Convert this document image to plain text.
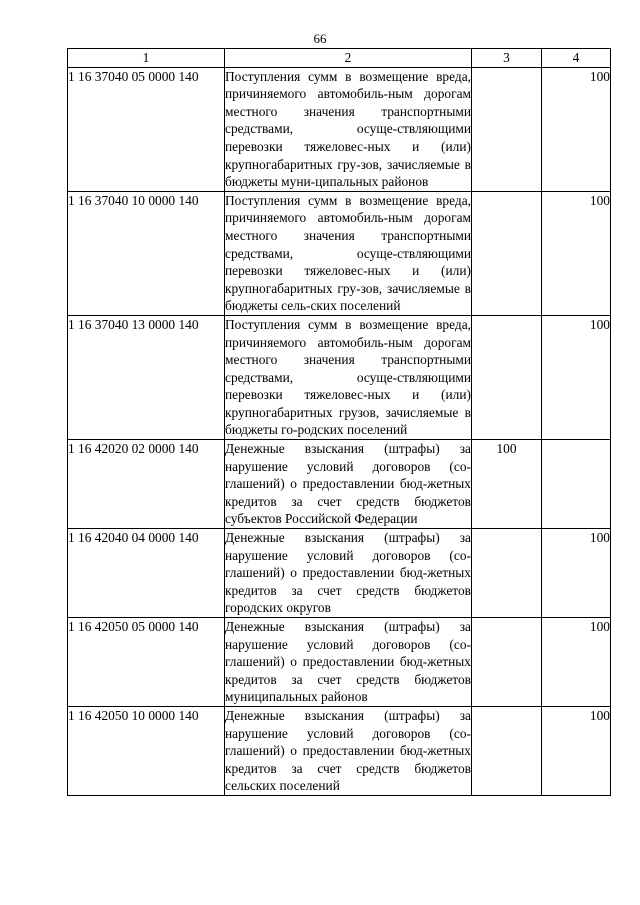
66
1	2	3	4
1 16 37040 05 0000 140	Поступления сумм в возмещение вреда, причиняемого автомобиль-ным дорогам местного значения транспортными средствами, осуще-ствляющими перевозки тяжеловес-ных и (или) крупногабаритных гру-зов, зачисляемые в бюджеты муни-ципальных районов		100
1 16 37040 10 0000 140	Поступления сумм в возмещение вреда, причиняемого автомобиль-ным дорогам местного значения транспортными средствами, осуще-ствляющими перевозки тяжеловес-ных и (или) крупногабаритных гру-зов, зачисляемые в бюджеты сель-ских поселений		100
1 16 37040 13 0000 140	Поступления сумм в возмещение вреда, причиняемого автомобиль-ным дорогам местного значения транспортными средствами, осуще-ствляющими перевозки тяжеловес-ных и (или) крупногабаритных грузов, зачисляемые в бюджеты го-родских поселений		100
1 16 42020 02 0000 140	Денежные взыскания (штрафы) за нарушение условий договоров (со-глашений) о предоставлении бюд-жетных кредитов за счет средств бюджетов субъектов Российской Федерации	100	
1 16 42040 04 0000 140	Денежные взыскания (штрафы) за нарушение условий договоров (со-глашений) о предоставлении бюд-жетных кредитов за счет средств бюджетов городских округов		100
1 16 42050 05 0000 140	Денежные взыскания (штрафы) за нарушение условий договоров (со-глашений) о предоставлении бюд-жетных кредитов за счет средств бюджетов муниципальных районов		100
1 16 42050 10 0000 140	Денежные взыскания (штрафы) за нарушение условий договоров (со-глашений) о предоставлении бюд-жетных кредитов за счет средств бюджетов сельских поселений		100
